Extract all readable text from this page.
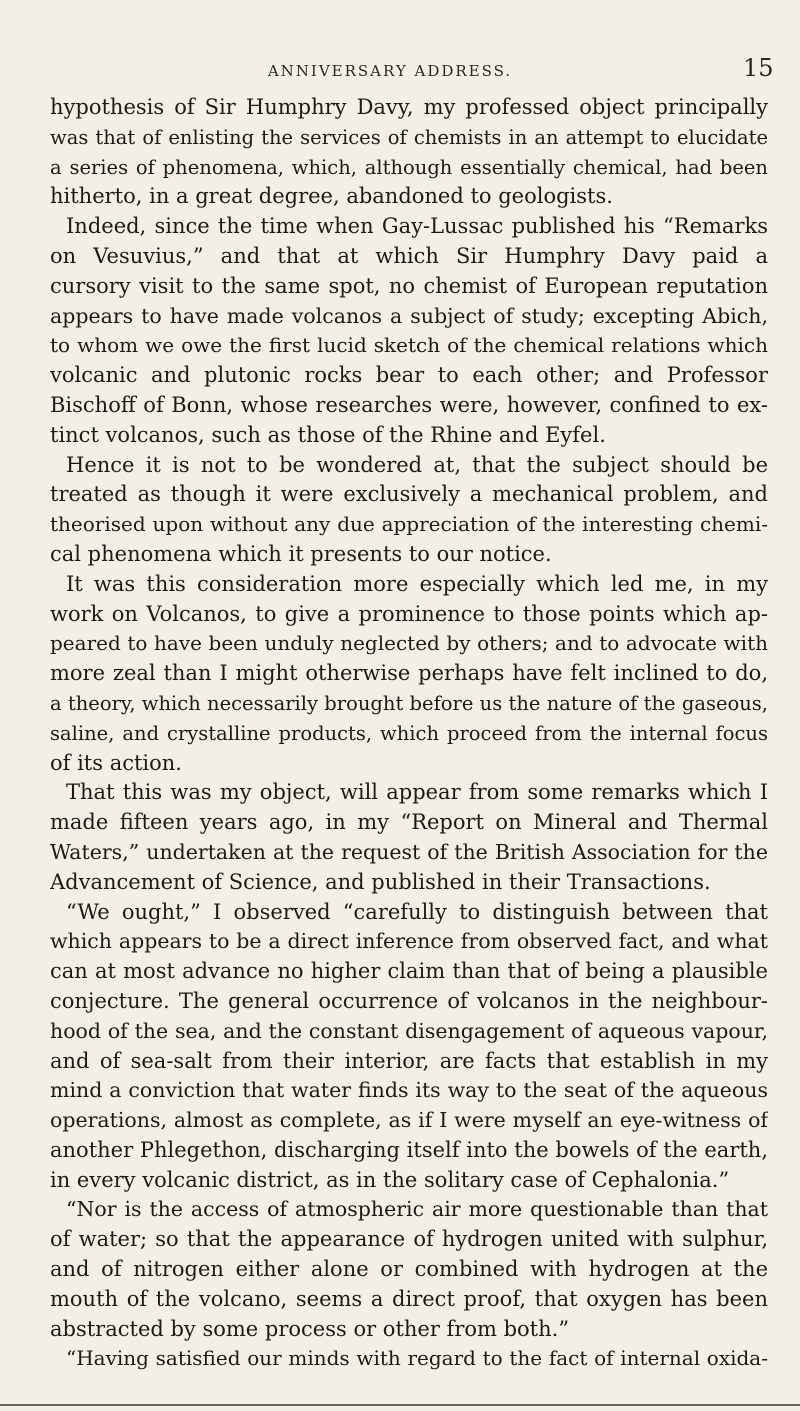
ANNIVERSARY ADDRESS.	15
hypothesis of Sir Humphry Davy, my professed object principally
was that of enlisting the services of chemists in an attempt to elucidate
a series of phenomena, which, although essentially chemical, had been
hitherto, in a great degree, abandoned to geologists.
Indeed, since the time when Gay-Lussac published his “Remarks
on Vesuvius,” and that at which Sir Humphry Davy paid a
cursory visit to the same spot, no chemist of European reputation
appears to have made volcanos a subject of study; excepting Abich,
to whom we owe the first lucid sketch of the chemical relations which
volcanic and plutonic rocks bear to each other; and Professor
Bischoff of Bonn, whose researches were, however, confined to ex-
tinct volcanos, such as those of the Rhine and Eyfel.
Hence it is not to be wondered at, that the subject should be
treated as though it were exclusively a mechanical problem, and
theorised upon without any due appreciation of the interesting chemi-
cal phenomena which it presents to our notice.
It was this consideration more especially which led me, in my
work on Volcanos, to give a prominence to those points which ap-
peared to have been unduly neglected by others; and to advocate with
more zeal than I might otherwise perhaps have felt inclined to do,
a theory, which necessarily brought before us the nature of the gaseous,
saline, and crystalline products, which proceed from the internal focus
of its action.
That this was my object, will appear from some remarks which I
made fifteen years ago, in my “Report on Mineral and Thermal
Waters,” undertaken at the request of the British Association for the
Advancement of Science, and published in their Transactions.
“We ought,” I observed “carefully to distinguish between that
which appears to be a direct inference from observed fact, and what
can at most advance no higher claim than that of being a plausible
conjecture. The general occurrence of volcanos in the neighbour-
hood of the sea, and the constant disengagement of aqueous vapour,
and of sea-salt from their interior, are facts that establish in my
mind a conviction that water finds its way to the seat of the aqueous
operations, almost as complete, as if I were myself an eye-witness of
another Phlegethon, discharging itself into the bowels of the earth,
in every volcanic district, as in the solitary case of Cephalonia.”
“Nor is the access of atmospheric air more questionable than that
of water; so that the appearance of hydrogen united with sulphur,
and of nitrogen either alone or combined with hydrogen at the
mouth of the volcano, seems a direct proof, that oxygen has been
abstracted by some process or other from both.”
“Having satisfied our minds with regard to the fact of internal oxida-
